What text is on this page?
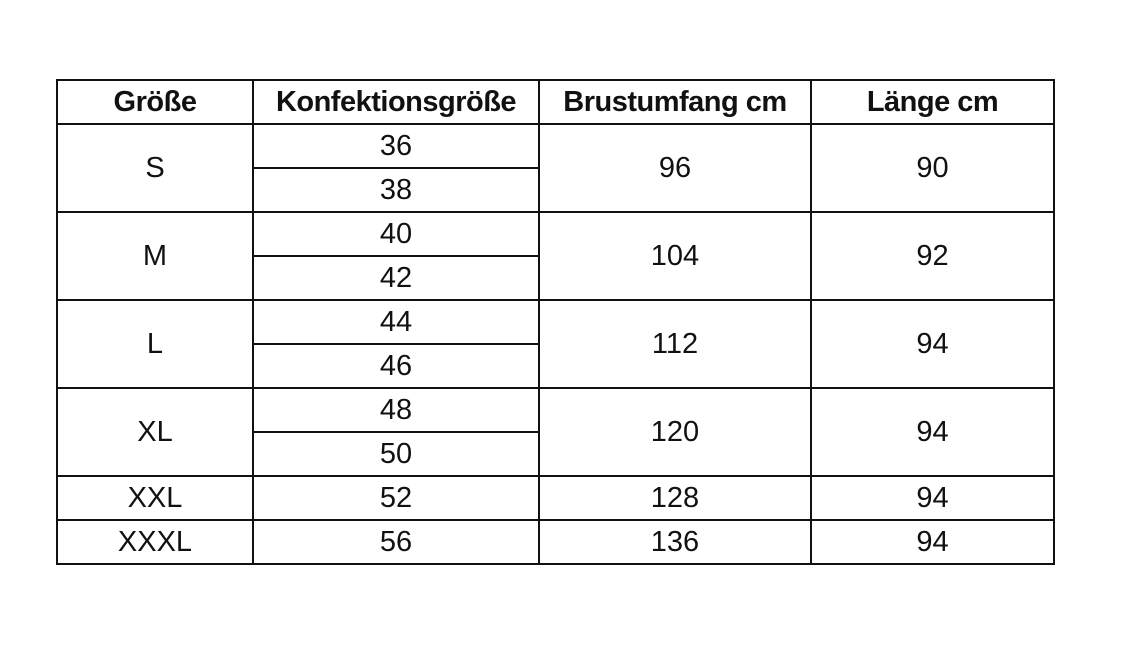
Größe	Konfektionsgröße	Brustumfang cm	Länge cm
S	36	96	90
	38		
M	40	104	92
	42		
L	44	112	94
	46		
XL	48	120	94
	50		
XXL	52	128	94
XXXL	56	136	94
